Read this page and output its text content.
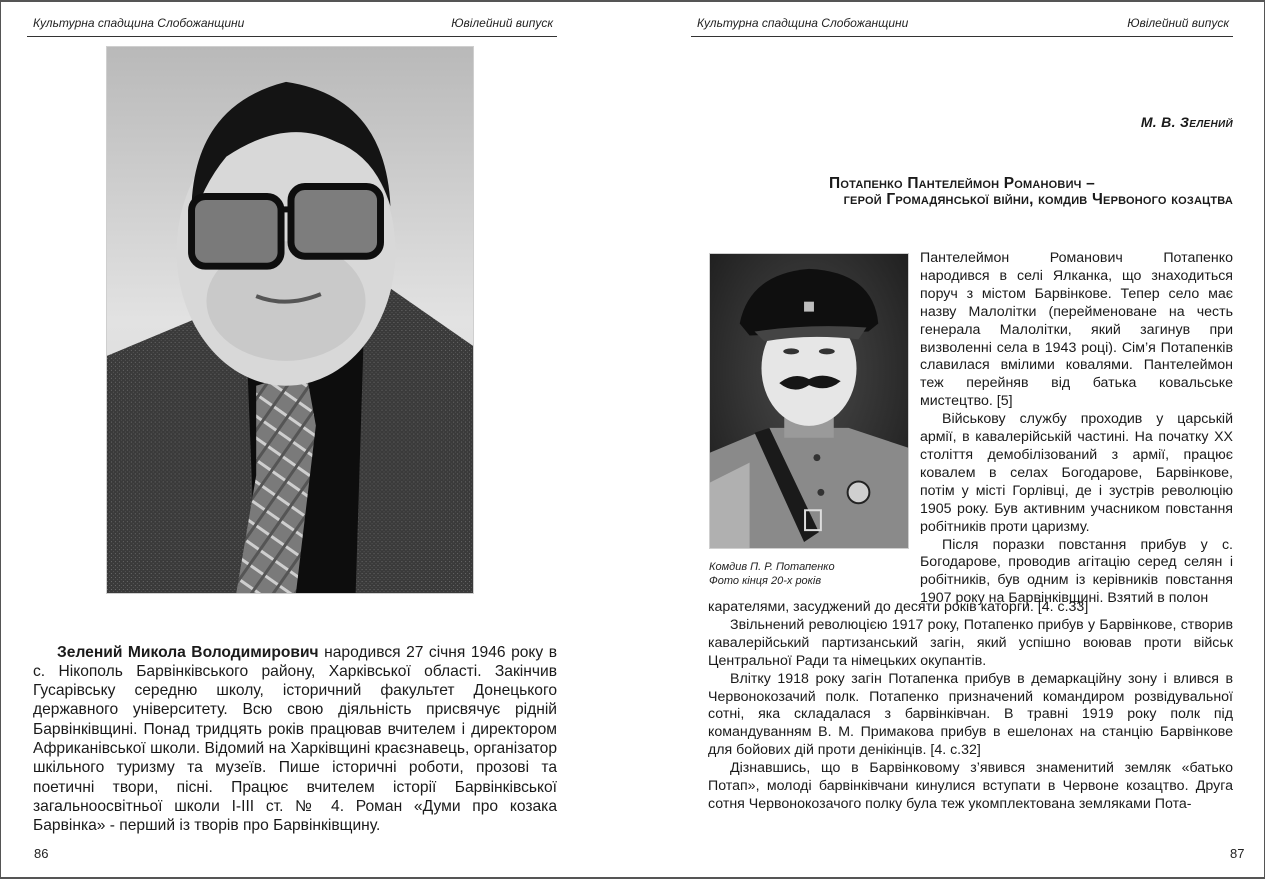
Культурна спадщина Слобожанщини	Ювілейний випуск

Зелений Микола Володимирович народився 27 січня 1946 року в с. Нікополь Барвінківського району, Харківської області. Закінчив Гусарівську середню школу, історичний факультет Донецького державного університету. Всю свою діяльність присвячує рідній Барвінківщині. Понад тридцять років працював вчителем і директором Африканівської школи. Відомий на Харківщині краєзнавець, організатор шкільного туризму та музеїв. Пише історичні роботи, прозові та поетичні твори, пісні. Працює вчителем історії Барвінківської загальноосвітньої школи І-ІІІ ст. № 4. Роман «Думи про козака Барвінка» - перший із творів про Барвінківщину.

86
Культурна спадщина Слобожанщини	Ювілейний випуск
М. В. Зелений
Потапенко Пантелеймон Романович –

герой Громадянської війни, комдив Червоного козацтва
Комдив П. Р. Потапенко
Фото кінця 20-х років

Пантелеймон Романович Потапенко народився в селі Ялканка, що знаходиться поруч з містом Барвінкове. Тепер село має назву Малолітки (перейменоване на честь генерала Малолітки, який загинув при визволенні села в 1943 році). Сім’я Потапенків славилася вмілими ковалями. Пантелеймон теж перейняв від батька ковальське мистецтво. [5]

Військову службу проходив у царській армії, в кавалерійській частині. На початку ХХ століття демобілізований з армії, працює ковалем в селах Богодарове, Барвінкове, потім у місті Горлівці, де і зустрів революцію 1905 року. Був активним учасником повстання робітників проти царизму.

Після поразки повстання прибув у с. Богодарове, проводив агітацію серед селян і робітників, був одним із керівників повстання 1907 року на Барвінківщині. Взятий в полон

карателями, засуджений до десяти років каторги. [4. с.33]

Звільнений революцією 1917 року, Потапенко прибув у Барвінкове, створив кавалерійський партизанський загін, який успішно воював проти військ Центральної Ради та німецьких окупантів.

Влітку 1918 року загін Потапенка прибув в демаркаційну зону і влився в Червонокозачий полк. Потапенко призначений командиром розвідувальної сотні, яка складалася з барвінківчан. В травні 1919 року полк під командуванням В. М. Примакова прибув в ешелонах на станцію Барвінкове для бойових дій проти денікінців. [4. с.32]

Дізнавшись, що в Барвінковому з’явився знаменитий земляк «батько Потап», молоді барвінківчани кинулися вступати в Червоне козацтво. Друга сотня Червонокозачого полку була теж укомплектована земляками Пота-

87
